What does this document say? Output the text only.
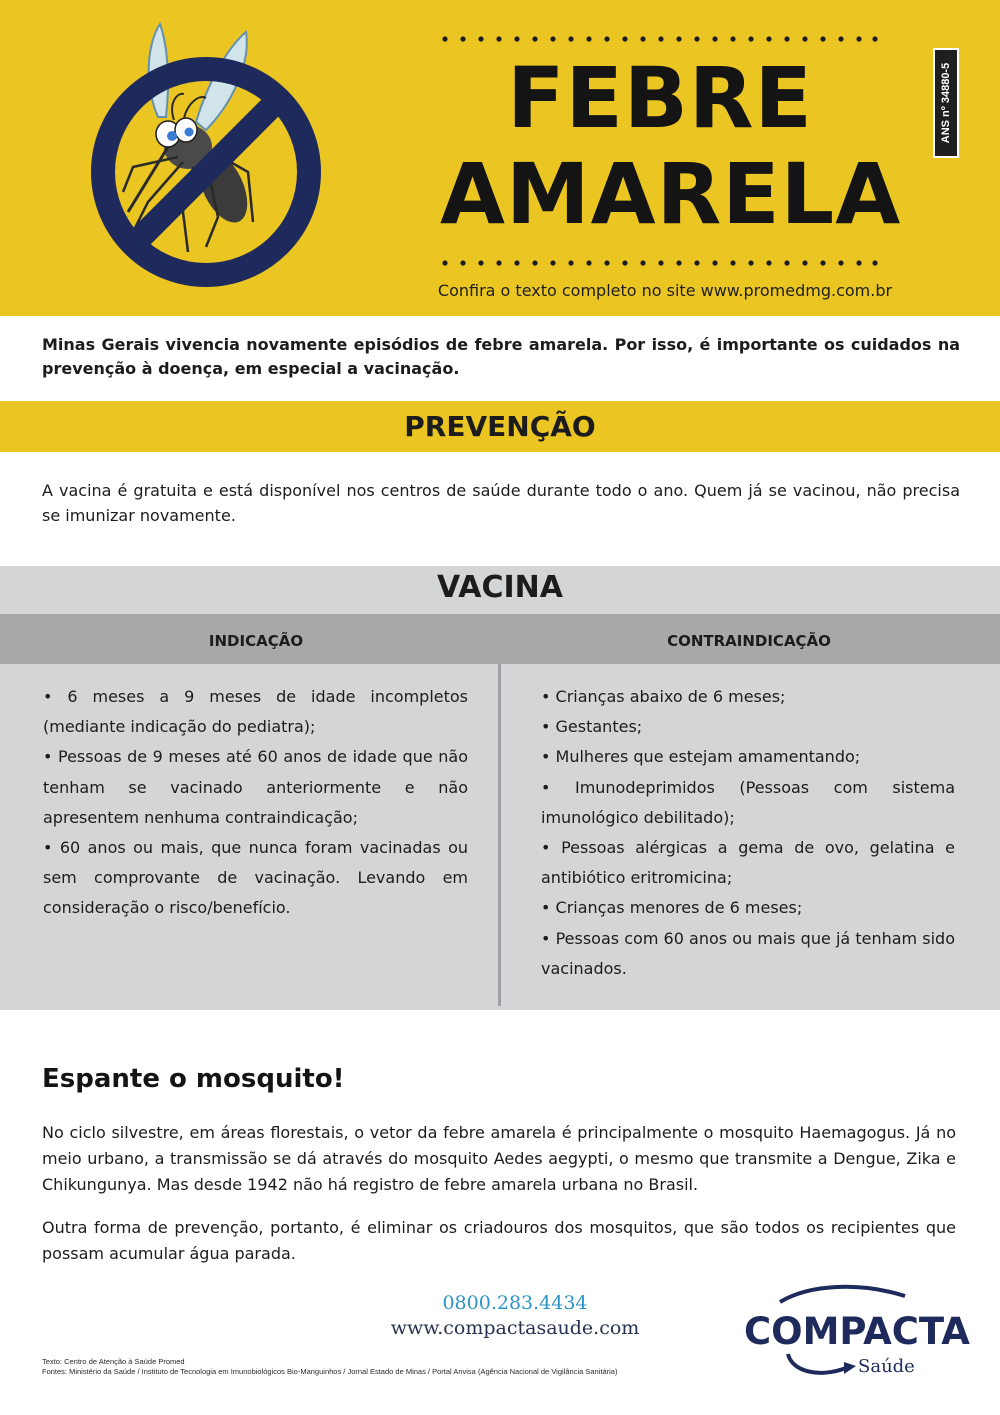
FEBRE
AMARELA
Confira o texto completo no site www.promedmg.com.br
ANS nº 34880-5
Minas Gerais vivencia novamente episódios de febre amarela. Por isso, é importante os cuidados na prevenção à doença, em especial a vacinação.
PREVENÇÃO
A vacina é gratuita e está disponível nos centros de saúde durante todo o ano. Quem já se vacinou, não precisa se imunizar novamente.
VACINA
INDICAÇÃO	CONTRAINDICAÇÃO

• 6 meses a 9 meses de idade incompletos (mediante indicação do pediatra);

• Pessoas de 9 meses até 60 anos de idade que não tenham se vacinado anteriormente e não apresentem nenhuma contraindicação;

• 60 anos ou mais, que nunca foram vacinadas ou sem comprovante de vacinação. Levando em consideração o risco/benefício.

• Crianças abaixo de 6 meses;

• Gestantes;

• Mulheres que estejam amamentando;

• Imunodeprimidos (Pessoas com sistema imunológico debilitado);

• Pessoas alérgicas a gema de ovo, gelatina e antibiótico eritromicina;

• Crianças menores de 6 meses;

• Pessoas com 60 anos ou mais que já tenham sido vacinados.

Espante o mosquito!
No ciclo silvestre, em áreas florestais, o vetor da febre amarela é principalmente o mosquito Haemagogus. Já no meio urbano, a transmissão se dá através do mosquito Aedes aegypti, o mesmo que transmite a Dengue, Zika e Chikungunya. Mas desde 1942 não há registro de febre amarela urbana no Brasil.
Outra forma de prevenção, portanto, é eliminar os criadouros dos mosquitos, que são todos os recipientes que possam acumular água parada.
0800.283.4434
www.compactasaude.com	COMPACTA
Saúde
Texto: Centro de Atenção à Saúde Promed
Fontes: Ministério da Saúde / Instituto de Tecnologia em Imunobiológicos Bio-Manguinhos / Jornal Estado de Minas / Portal Anvisa (Agência Nacional de Vigilância Sanitária)
